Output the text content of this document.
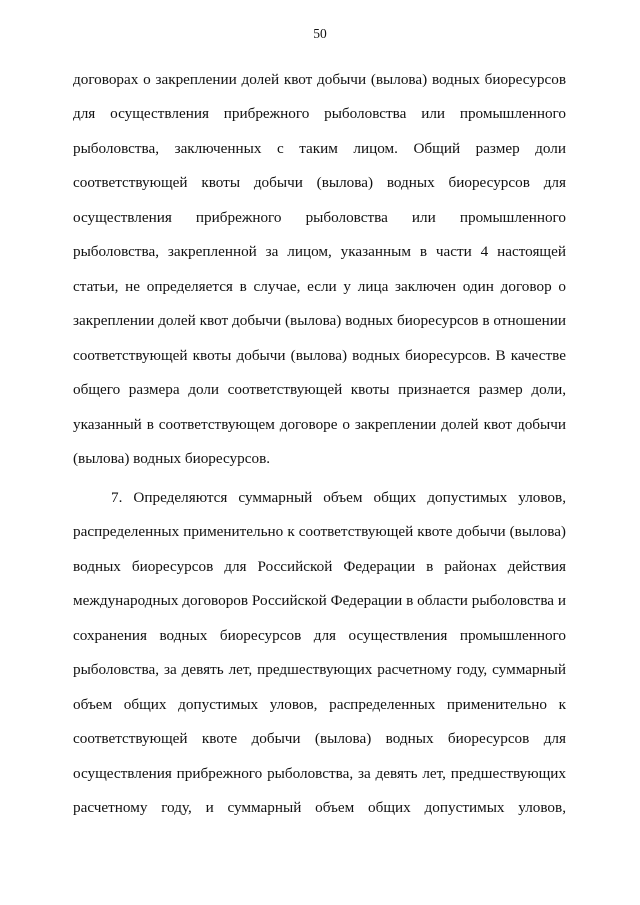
50
договорах о закреплении долей квот добычи (вылова) водных биоресурсов
для осуществления прибрежного рыболовства или промышленного
рыболовства, заключенных с таким лицом. Общий размер доли
соответствующей квоты добычи (вылова) водных биоресурсов для
осуществления прибрежного рыболовства или промышленного
рыболовства, закрепленной за лицом, указанным в части 4 настоящей
статьи, не определяется в случае, если у лица заключен один договор о
закреплении долей квот добычи (вылова) водных биоресурсов в отношении
соответствующей квоты добычи (вылова) водных биоресурсов. В качестве
общего размера доли соответствующей квоты признается размер доли,
указанный в соответствующем договоре о закреплении долей квот добычи
(вылова) водных биоресурсов.
7. Определяются суммарный объем общих допустимых уловов,
распределенных применительно к соответствующей квоте добычи (вылова)
водных биоресурсов для Российской Федерации в районах действия
международных договоров Российской Федерации в области рыболовства и
сохранения водных биоресурсов для осуществления промышленного
рыболовства, за девять лет, предшествующих расчетному году, суммарный
объем общих допустимых уловов, распределенных применительно к
соответствующей квоте добычи (вылова) водных биоресурсов для
осуществления прибрежного рыболовства, за девять лет, предшествующих
расчетному году, и суммарный объем общих допустимых уловов,
